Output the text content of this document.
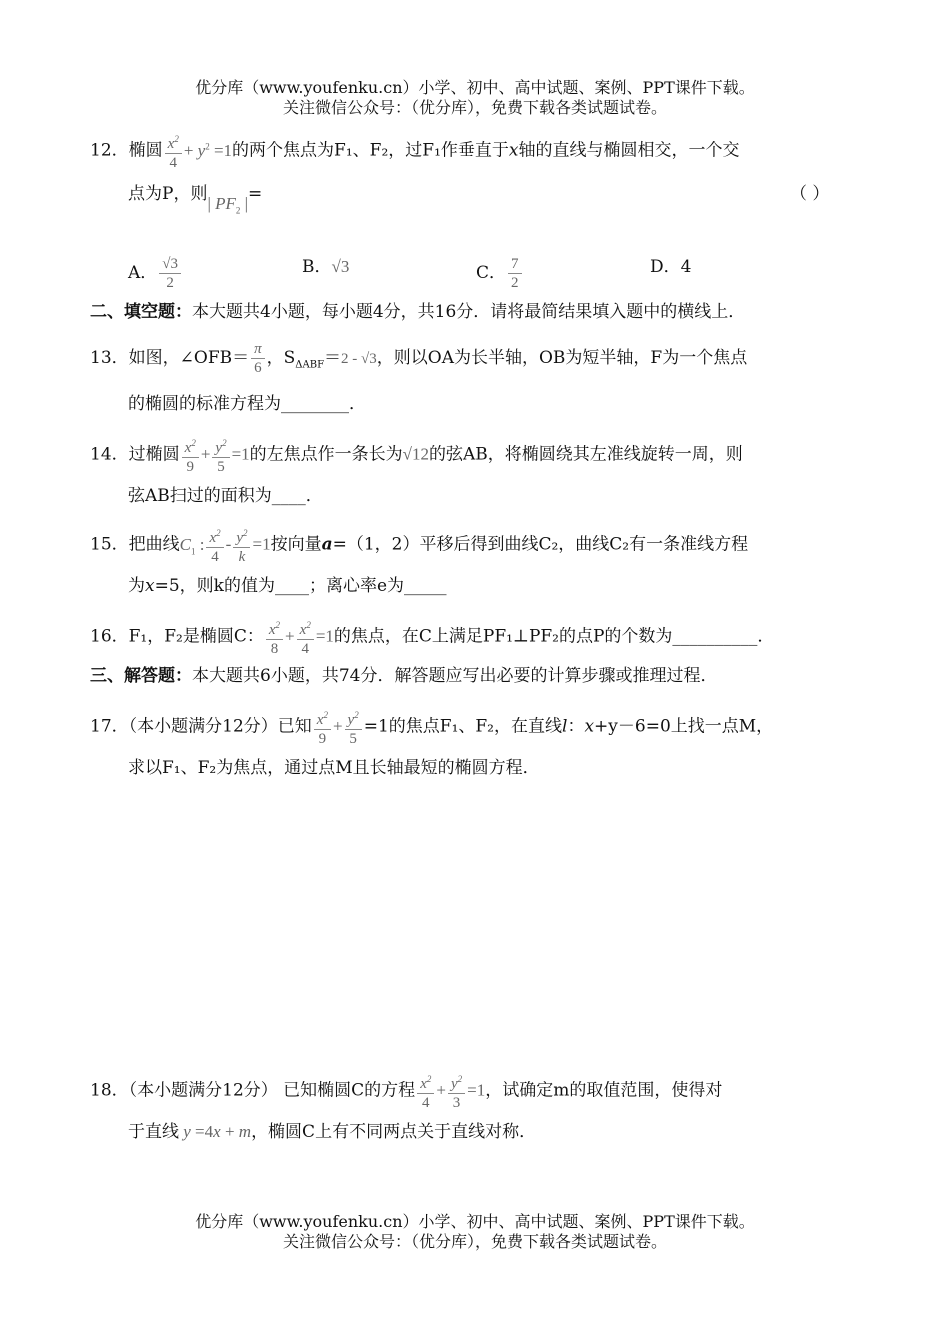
优分库（www.youfenku.cn）小学、初中、高中试题、案例、PPT课件下载。
关注微信公众号：（优分库），免费下载各类试题试卷。
12．椭圆 $\frac{x^2}{4} + y^2 =1$的两个焦点为F₁、F₂，过F₁作垂直于x轴的直线与椭圆相交，一个交
点为P，则| $PF_2$ |=	（ ）
A． $\frac{√3}{2}$	B．√3	C． $\frac{7}{2}$	D．4
二、填空题：本大题共4小题，每小题4分，共16分．请将最简结果填入题中的横线上．
13．如图，∠OFB＝ $\frac{\pi}{6}$ ，$S_{\Delta ABF}=2 - √3$，则以OA为长半轴，OB为短半轴，F为一个焦点
的椭圆的标准方程为________．
14．过椭圆 $\frac{x^2}{9} + \frac{y^2}{5} =1$的左焦点作一条长为√12的弦AB，将椭圆绕其左准线旋转一周，则
弦AB扫过的面积为____．
15．把曲线$C_1$ : $\frac{x^2}{4} - \frac{y^2}{k} =1$按向量a=（1，2）平移后得到曲线C₂，曲线C₂有一条准线方程
为x=5，则k的值为____；离心率e为_____
16．F₁，F₂是椭圆C： $\frac{x^2}{8} + \frac{x^2}{4} =1$的焦点，在C上满足PF₁⊥PF₂的点P的个数为__________．
三、解答题：本大题共6小题，共74分．解答题应写出必要的计算步骤或推理过程．
17．（本小题满分12分）已知 $\frac{x^2}{9} + \frac{y^2}{5} =1$的焦点F₁、F₂，在直线l：x+y－6=0上找一点M，
求以F₁、F₂为焦点，通过点M且长轴最短的椭圆方程．
18．（本小题满分12分） 已知椭圆C的方程 $\frac{x^2}{4} + \frac{y^2}{3} =1$，试确定m的取值范围，使得对
于直线 y =4x + m，椭圆C上有不同两点关于直线对称．
优分库（www.youfenku.cn）小学、初中、高中试题、案例、PPT课件下载。
关注微信公众号：（优分库），免费下载各类试题试卷。
